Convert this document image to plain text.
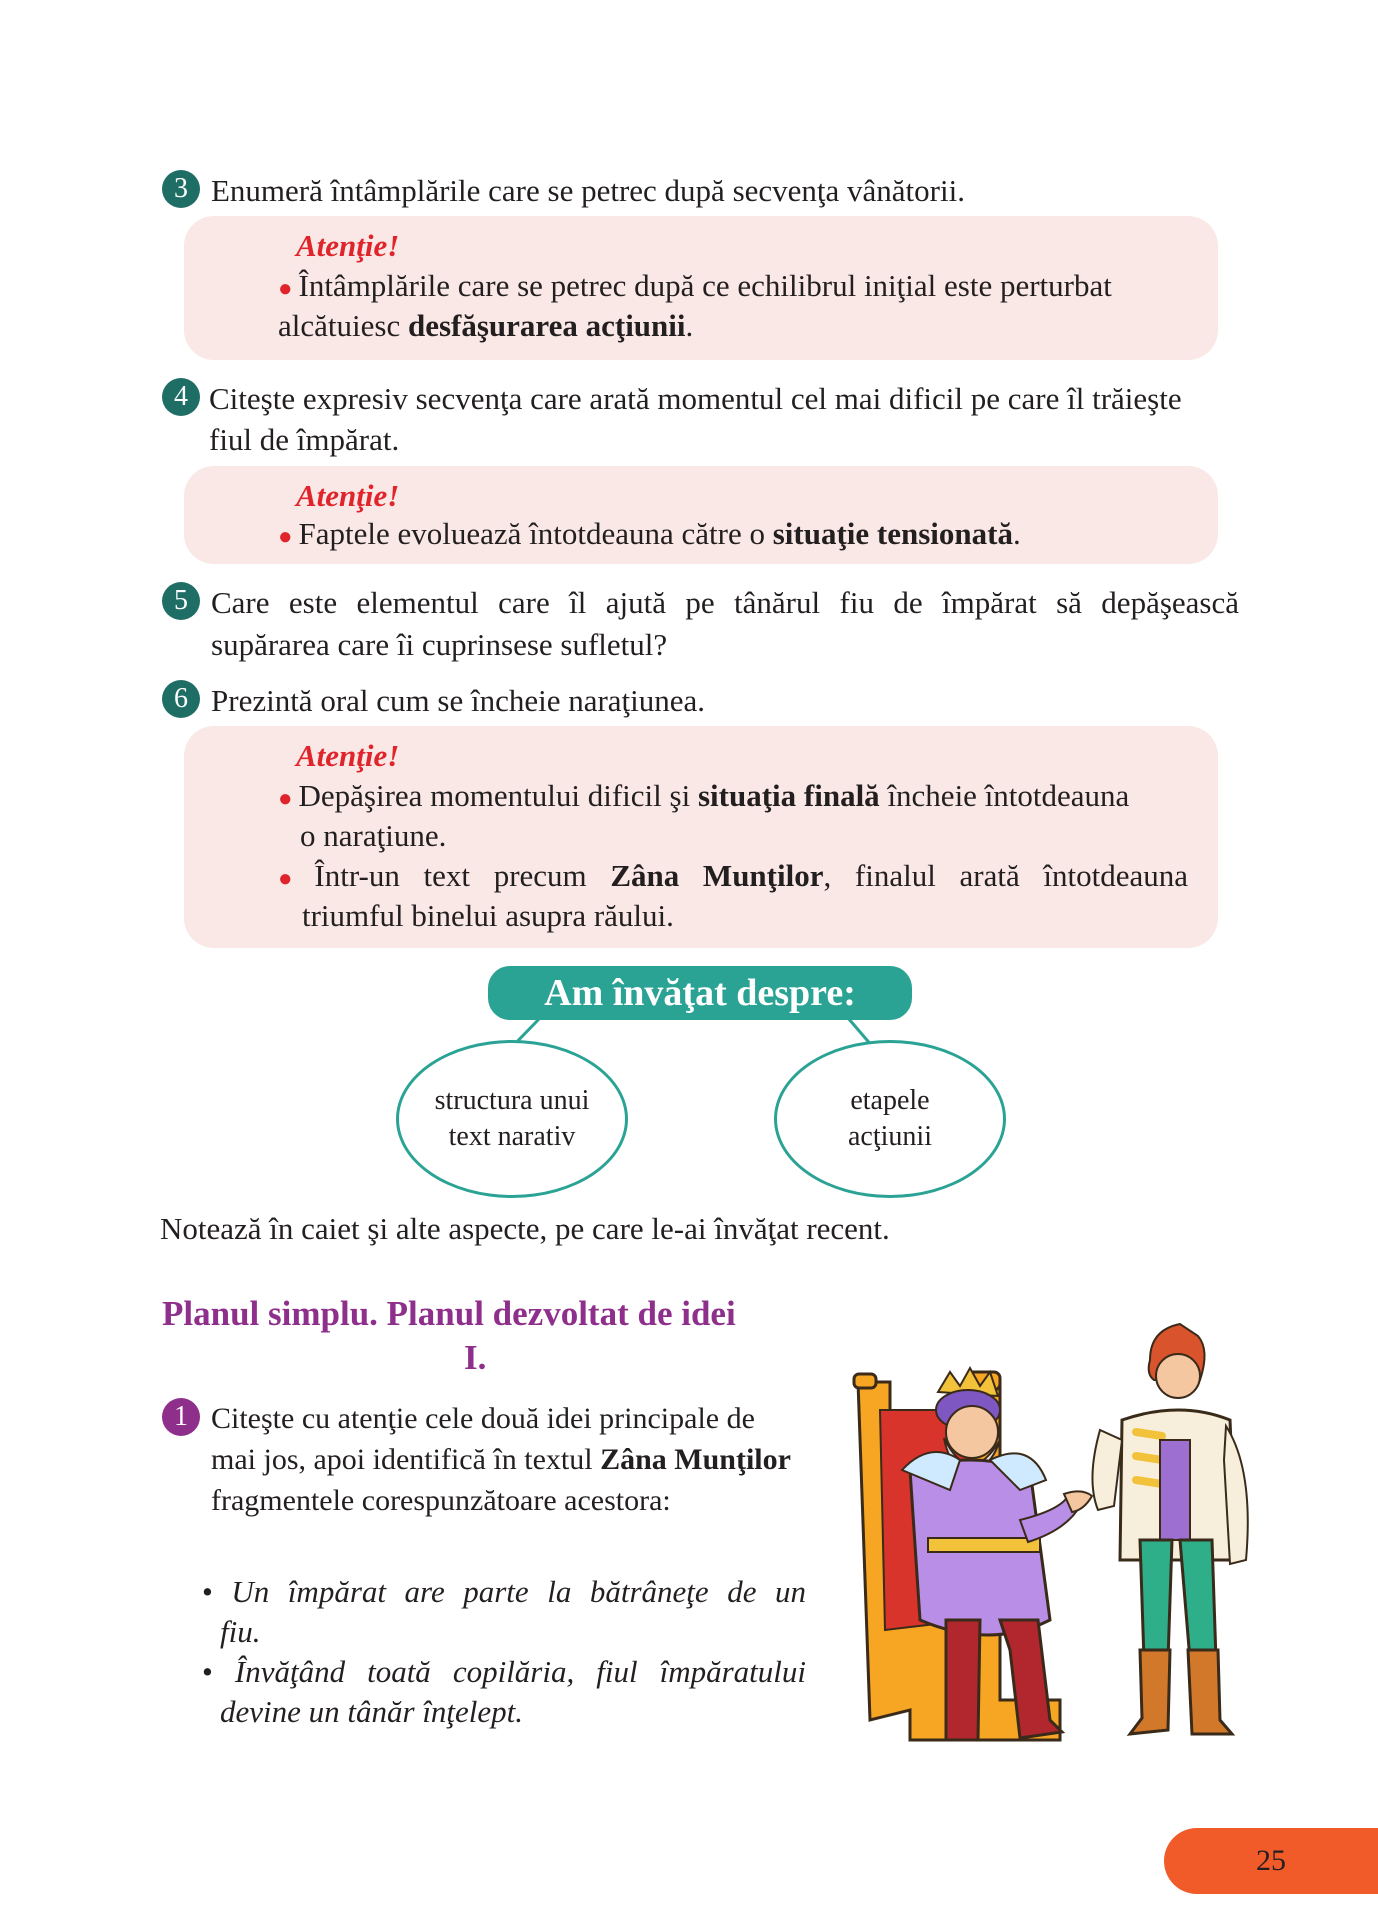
3 Enumeră întâmplările care se petrec după secvenţa vânătorii.
Atenţie!
● Întâmplările care se petrec după ce echilibrul iniţial este perturbat
alcătuiesc desfăşurarea acţiunii.
4 Citeşte expresiv secvenţa care arată momentul cel mai dificil pe care îl trăieşte
fiul de împărat.
Atenţie!
● Faptele evoluează întotdeauna către o situaţie tensionată.
5 Care este elementul care îl ajută pe tânărul fiu de împărat să depăşească
supărarea care îi cuprinsese sufletul?
6 Prezintă oral cum se încheie naraţiunea.
Atenţie!
● Depăşirea momentului dificil şi situaţia finală încheie întotdeauna
o naraţiune.
● Într-un text precum Zâna Munţilor, finalul arată întotdeauna
triumful binelui asupra răului.
Am învăţat despre:
structura unui
text narativ
etapele
acţiunii
Notează în caiet şi alte aspecte, pe care le-ai învăţat recent.
Planul simplu. Planul dezvoltat de idei
I.
1 Citeşte cu atenţie cele două idei principale de
mai jos, apoi identifică în textul Zâna Munţilor
fragmentele corespunzătoare acestora:
• Un împărat are parte la bătrâneţe de un
fiu.
• Învăţând toată copilăria, fiul împăratului
devine un tânăr înţelept.
25
